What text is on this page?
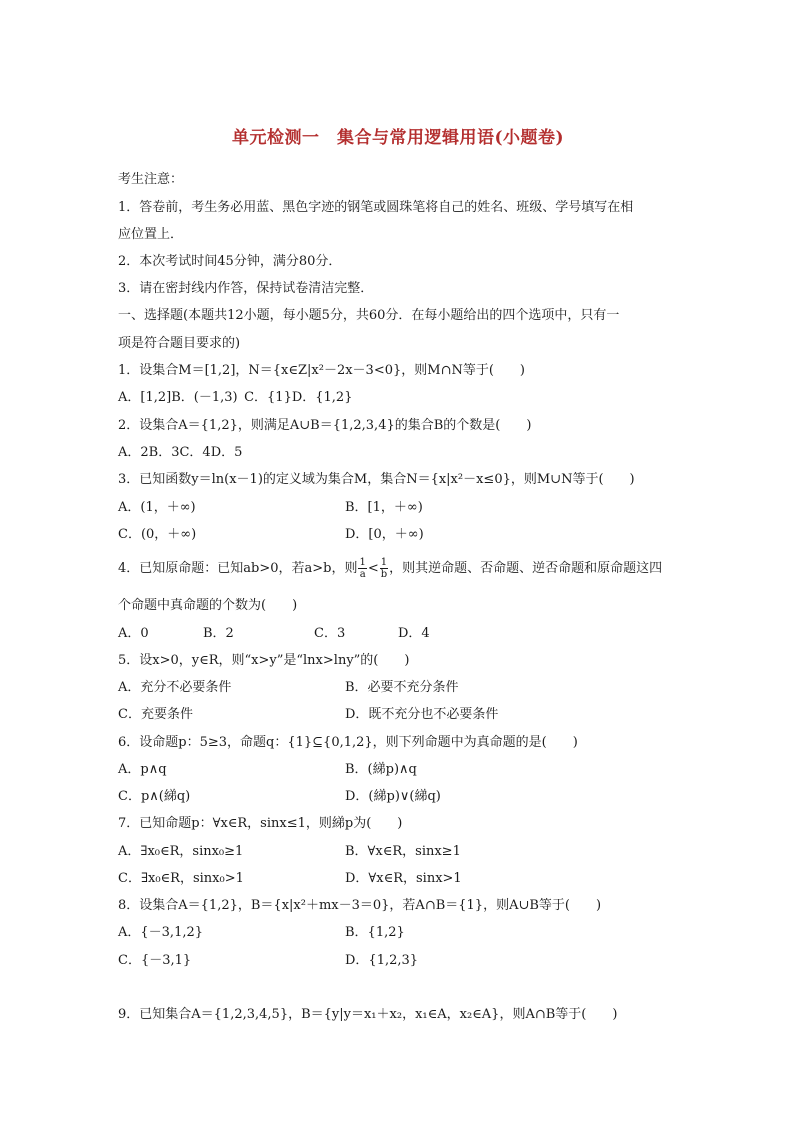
单元检测一　集合与常用逻辑用语(小题卷)
考生注意：
1．答卷前，考生务必用蓝、黑色字迹的钢笔或圆珠笔将自己的姓名、班级、学号填写在相
应位置上．
2．本次考试时间45分钟，满分80分．
3．请在密封线内作答，保持试卷清洁完整．
一、选择题(本题共12小题，每小题5分，共60分．在每小题给出的四个选项中，只有一
项是符合题目要求的)
1．设集合M＝[1,2]，N＝{x∈Z|x²－2x－3<0}，则M∩N等于(　　)
A．[1,2]B．(－1,3) C．{1}D．{1,2}
2．设集合A＝{1,2}，则满足A∪B＝{1,2,3,4}的集合B的个数是(　　)
A．2B．3C．4D．5
3．已知函数y＝ln(x－1)的定义域为集合M，集合N＝{x|x²－x≤0}，则M∪N等于(　　)
A．(1，＋∞)	B．[1，＋∞)
C．(0，＋∞)	D．[0，＋∞)
4．已知原命题：已知ab>0，若a>b，则 $\frac{1}{a} < \frac{1}{b}$ ，则其逆命题、否命题、逆否命题和原命题这四
个命题中真命题的个数为(　　)
A．0	B．2	C．3	D．4
5．设x>0，y∈R，则“x>y”是“lnx>lny”的(　　)
A．充分不必要条件	B．必要不充分条件
C．充要条件	D．既不充分也不必要条件
6．设命题p：5≥3，命题q：{1}⊆{0,1,2}，则下列命题中为真命题的是(　　)
A．p∧q	B．(綈p)∧q
C．p∧(綈q)	D．(綈p)∨(綈q)
7．已知命题p：∀x∈R，sinx≤1，则綈p为(　　)
A．∃x₀∈R，sinx₀≥1	B．∀x∈R，sinx≥1
C．∃x₀∈R，sinx₀>1	D．∀x∈R，sinx>1
8．设集合A＝{1,2}，B＝{x|x²＋mx－3＝0}，若A∩B＝{1}，则A∪B等于(　　)
A．{－3,1,2}	B．{1,2}
C．{－3,1}	D．{1,2,3}
9．已知集合A＝{1,2,3,4,5}，B＝{y|y＝x₁＋x₂，x₁∈A，x₂∈A}，则A∩B等于(　　)
